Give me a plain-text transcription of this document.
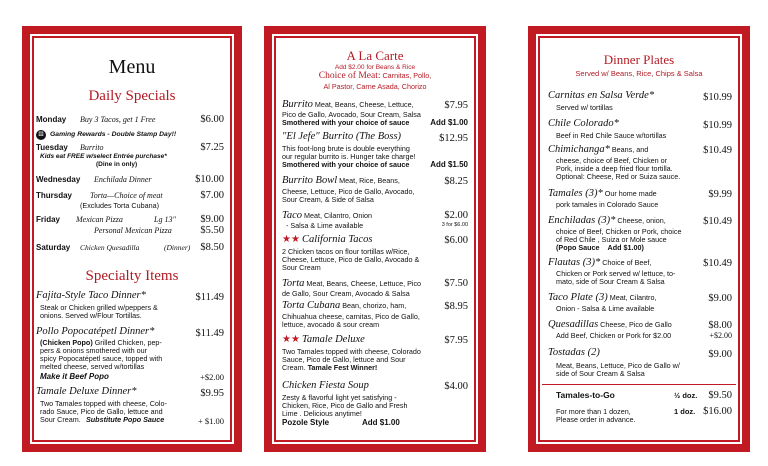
Menu
Daily Specials
Monday Buy 3 Tacos, get 1 Free	$6.00
⚄ Gaming Rewards - Double Stamp Day!!
Tuesday Burrito	$7.25
Kids eat FREE w/select Entrée purchase*
(Dine in only)
Wednesday Enchilada Dinner	$10.00
Thursday Torta—Choice of meat	$7.00
(Excludes Torta Cubana)
Friday Mexican Pizza	Lg 13" $9.00
Personal Mexican Pizza	$5.50
Saturday Chicken Quesadilla	(Dinner) $8.50
Specialty Items
Fajita-Style Taco Dinner*	$11.49
Steak or Chicken grilled w/peppers &
onions. Served w/Flour Tortillas.
Pollo Popocatépetl Dinner*	$11.49
(Chicken Popo) Grilled Chicken, pep-
pers & onions smothered with our
spicy Popocatépetl sauce, topped with
melted cheese, served w/tortillas
Make it Beef Popo	+$2.00
Tamale Deluxe Dinner*	$9.95
Two Tamales topped with cheese, Colo-
rado Sauce, Pico de Gallo, lettuce and
Sour Cream. Substitute Popo Sauce	+ $1.00
A La Carte
Add $2.00 for Beans & Rice
Choice of Meat: Carnitas, Pollo,
Al Pastor, Carne Asada, Chorizo
Burrito Meat, Beans, Cheese, Lettuce,	$7.95
Pico de Gallo, Avocado, Sour Cream, Salsa
Smothered with your choice of sauce	Add $1.00
"El Jefe" Burrito (The Boss)	$12.95
This foot-long brute is double everything
our regular burrito is. Hunger take charge!
Smothered with your choice of sauce	Add $1.50
Burrito Bowl Meat, Rice, Beans,	$8.25
Cheese, Lettuce, Pico de Gallo, Avocado,
Sour Cream, & Side of Salsa
Taco Meat, Cilantro, Onion	$2.00
- Salsa & Lime available	3 for $6.00
★★ California Tacos	$6.00
2 Chicken tacos on flour tortillas w/Rice,
Cheese, Lettuce, Pico de Gallo, Avocado &
Sour Cream
Torta Meat, Beans, Cheese, Lettuce, Pico $7.50
de Gallo, Sour Cream, Avocado & Salsa
Torta Cubana Bean, chorizo, ham,	$8.95
Chihuahua cheese, carnitas, Pico de Gallo,
lettuce, avocado & sour cream
★★ Tamale Deluxe	$7.95
Two Tamales topped with cheese, Colorado
Sauce, Pico de Gallo, lettuce and Sour
Cream. Tamale Fest Winner!
Chicken Fiesta Soup	$4.00
Zesty & flavorful light yet satisfying -
Chicken, Rice, Pico de Gallo and Fresh
Lime . Delicious anytime!
Pozole Style	Add $1.00
Dinner Plates
Served w/ Beans, Rice, Chips & Salsa
Carnitas en Salsa Verde*	$10.99
Served w/ tortillas
Chile Colorado*	$10.99
Beef in Red Chile Sauce w/tortillas
Chimichanga* Beans, and	$10.49
cheese, choice of Beef, Chicken or
Pork, inside a deep fried flour tortilla.
Optional: Cheese, Red or Suiza sauce.
Tamales (3)* Our home made	$9.99
pork tamales in Colorado Sauce
Enchiladas (3)* Cheese, onion,	$10.49
choice of Beef, Chicken or Pork, choice
of Red Chile , Suiza or Mole sauce
(Popo Sauce Add $1.00)
Flautas (3)* Choice of Beef,	$10.49
Chicken or Pork served w/ lettuce, to-
mato, side of Sour Cream & Salsa
Taco Plate (3) Meat, Cilantro,	$9.00
Onion - Salsa & Lime available
Quesadillas Cheese, Pico de Gallo	$8.00
Add Beef, Chicken or Pork for $2.00	+$2.00
Tostadas (2)	$9.00
Meat, Beans, Lettuce, Pico de Gallo w/
side of Sour Cream & Salsa
Tamales-to-Go	½ doz. $9.50
For more than 1 dozen,	1 doz. $16.00
Please order in advance.
